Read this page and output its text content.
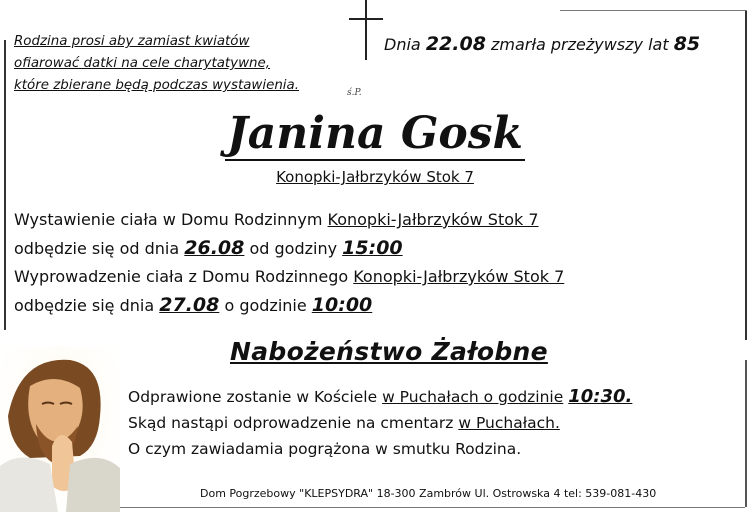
Rodzina prosi aby zamiast kwiatów
ofiarować datki na cele charytatywne,
które zbierane będą podczas wystawienia.
Dnia 22.08 zmarła przeżywszy lat 85
ś.P.
Janina Gosk
Konopki-Jałbrzyków Stok 7
Wystawienie ciała w Domu Rodzinnym Konopki-Jałbrzyków Stok 7
odbędzie się od dnia 26.08 od godziny 15:00
Wyprowadzenie ciała z Domu Rodzinnego Konopki-Jałbrzyków Stok 7
odbędzie się dnia 27.08 o godzinie 10:00
Nabożeństwo Żałobne
Odprawione zostanie w Kościele w Puchałach o godzinie 10:30.
Skąd nastąpi odprowadzenie na cmentarz w Puchałach.
O czym zawiadamia pogrążona w smutku Rodzina.
Dom Pogrzebowy "KLEPSYDRA" 18-300 Zambrów Ul. Ostrowska 4 tel: 539-081-430
